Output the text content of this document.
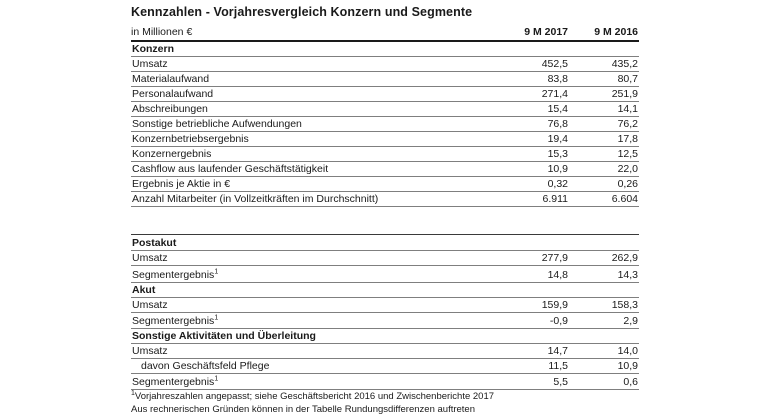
Kennzahlen - Vorjahresvergleich Konzern und Segmente
in Millionen €	9 M 2017	9 M 2016
Konzern
Umsatz	452,5	435,2
Materialaufwand	83,8	80,7
Personalaufwand	271,4	251,9
Abschreibungen	15,4	14,1
Sonstige betriebliche Aufwendungen	76,8	76,2
Konzernbetriebsergebnis	19,4	17,8
Konzernergebnis	15,3	12,5
Cashflow aus laufender Geschäftstätigkeit	10,9	22,0
Ergebnis je Aktie in €	0,32	0,26
Anzahl Mitarbeiter (in Vollzeitkräften im Durchschnitt)	6.911	6.604
Postakut
Umsatz	277,9	262,9
Segmentergebnis$^1$	14,8	14,3
Akut
Umsatz	159,9	158,3
Segmentergebnis$^1$	-0,9	2,9
Sonstige Aktivitäten und Überleitung
Umsatz	14,7	14,0
davon Geschäftsfeld Pflege	11,5	10,9
Segmentergebnis$^1$	5,5	0,6
$^1$Vorjahreszahlen angepasst; siehe Geschäftsbericht 2016 und Zwischenberichte 2017
Aus rechnerischen Gründen können in der Tabelle Rundungsdifferenzen auftreten
